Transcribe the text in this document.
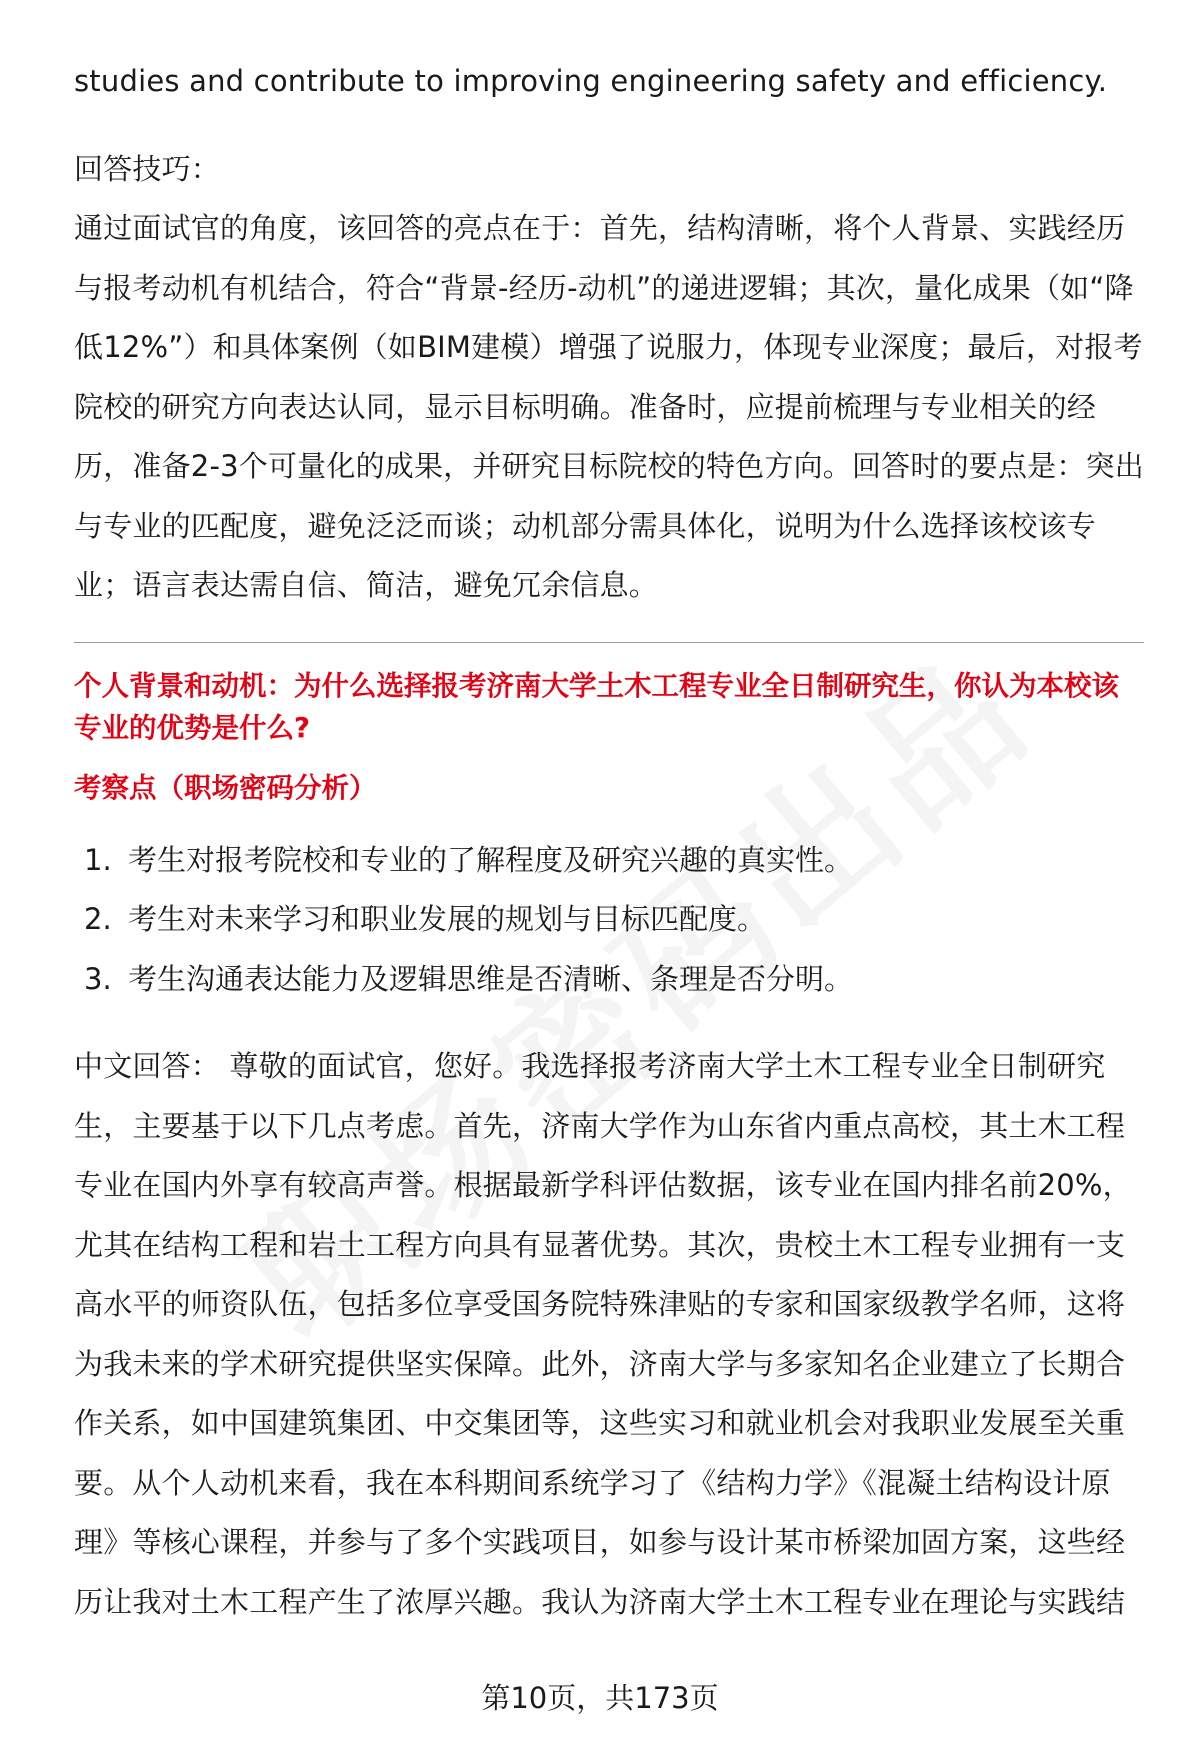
studies and contribute to improving engineering safety and efficiency.

回答技巧：

通过面试官的角度，该回答的亮点在于：首先，结构清晰，将个人背景、实践经历与报考动机有机结合，符合“背景-经历-动机”的递进逻辑；其次，量化成果（如“降低12%”）和具体案例（如BIM建模）增强了说服力，体现专业深度；最后，对报考院校的研究方向表达认同，显示目标明确。准备时，应提前梳理与专业相关的经历，准备2-3个可量化的成果，并研究目标院校的特色方向。回答时的要点是：突出与专业的匹配度，避免泛泛而谈；动机部分需具体化，说明为什么选择该校该专业；语言表达需自信、简洁，避免冗余信息。

个人背景和动机：为什么选择报考济南大学土木工程专业全日制研究生，你认为本校该专业的优势是什么?

考察点（职场密码分析）

1. 考生对报考院校和专业的了解程度及研究兴趣的真实性。
2. 考生对未来学习和职业发展的规划与目标匹配度。
3. 考生沟通表达能力及逻辑思维是否清晰、条理是否分明。

中文回答： 尊敬的面试官，您好。我选择报考济南大学土木工程专业全日制研究生，主要基于以下几点考虑。首先，济南大学作为山东省内重点高校，其土木工程专业在国内外享有较高声誉。根据最新学科评估数据，该专业在国内排名前20%，尤其在结构工程和岩土工程方向具有显著优势。其次，贵校土木工程专业拥有一支高水平的师资队伍，包括多位享受国务院特殊津贴的专家和国家级教学名师，这将为我未来的学术研究提供坚实保障。此外，济南大学与多家知名企业建立了长期合作关系，如中国建筑集团、中交集团等，这些实习和就业机会对我职业发展至关重要。从个人动机来看，我在本科期间系统学习了《结构力学》《混凝土结构设计原理》等核心课程，并参与了多个实践项目，如参与设计某市桥梁加固方案，这些经历让我对土木工程产生了浓厚兴趣。我认为济南大学土木工程专业在理论与实践结

第10页，共173页
